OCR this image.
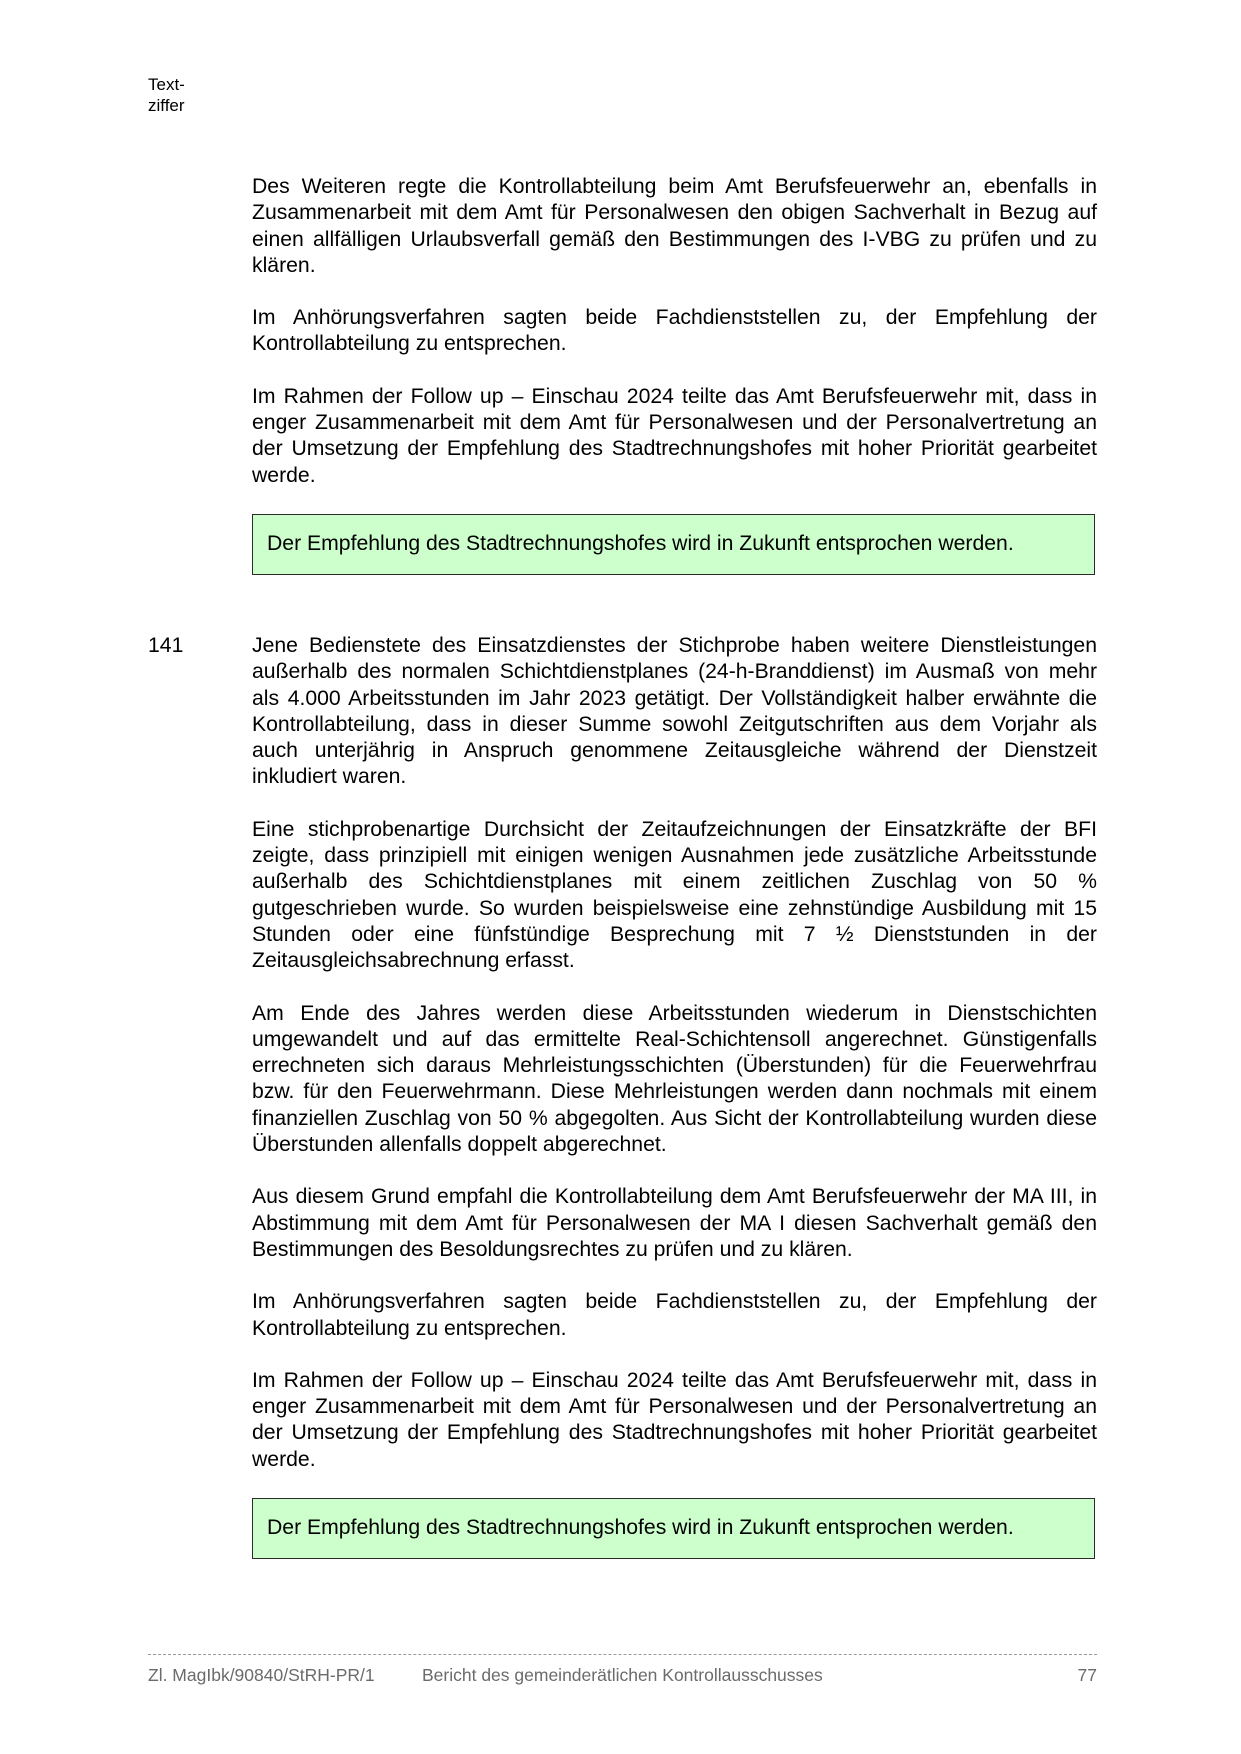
Text-
ziffer

Des Weiteren regte die Kontrollabteilung beim Amt Berufsfeuerwehr an, ebenfalls in Zusammenarbeit mit dem Amt für Personalwesen den obigen Sachverhalt in Bezug auf einen allfälligen Urlaubsverfall gemäß den Bestimmungen des I-VBG zu prüfen und zu klären.

Im Anhörungsverfahren sagten beide Fachdienststellen zu, der Empfehlung der Kontrollabteilung zu entsprechen.

Im Rahmen der Follow up – Einschau 2024 teilte das Amt Berufsfeuerwehr mit, dass in enger Zusammenarbeit mit dem Amt für Personalwesen und der Personalvertretung an der Umsetzung der Empfehlung des Stadtrechnungshofes mit hoher Priorität gearbeitet werde.

Der Empfehlung des Stadtrechnungshofes wird in Zukunft entsprochen werden.
141	Jene Bedienstete des Einsatzdienstes der Stichprobe haben weitere Dienstleistungen außerhalb des normalen Schichtdienstplanes (24-h-Branddienst) im Ausmaß von mehr als 4.000 Arbeitsstunden im Jahr 2023 getätigt. Der Vollständigkeit halber erwähnte die Kontrollabteilung, dass in dieser Summe sowohl Zeitgutschriften aus dem Vorjahr als auch unterjährig in Anspruch genommene Zeitausgleiche während der Dienstzeit inkludiert waren.

Eine stichprobenartige Durchsicht der Zeitaufzeichnungen der Einsatzkräfte der BFI zeigte, dass prinzipiell mit einigen wenigen Ausnahmen jede zusätzliche Arbeitsstunde außerhalb des Schichtdienstplanes mit einem zeitlichen Zuschlag von 50 % gutgeschrieben wurde. So wurden beispielsweise eine zehnstündige Ausbildung mit 15 Stunden oder eine fünfstündige Besprechung mit 7 ½ Dienststunden in der Zeitausgleichsabrechnung erfasst.

Am Ende des Jahres werden diese Arbeitsstunden wiederum in Dienstschichten umgewandelt und auf das ermittelte Real-Schichtensoll angerechnet. Günstigenfalls errechneten sich daraus Mehrleistungsschichten (Überstunden) für die Feuerwehrfrau bzw. für den Feuerwehrmann. Diese Mehrleistungen werden dann nochmals mit einem finanziellen Zuschlag von 50 % abgegolten. Aus Sicht der Kontrollabteilung wurden diese Überstunden allenfalls doppelt abgerechnet.

Aus diesem Grund empfahl die Kontrollabteilung dem Amt Berufsfeuerwehr der MA III, in Abstimmung mit dem Amt für Personalwesen der MA I diesen Sachverhalt gemäß den Bestimmungen des Besoldungsrechtes zu prüfen und zu klären.

Im Anhörungsverfahren sagten beide Fachdienststellen zu, der Empfehlung der Kontrollabteilung zu entsprechen.

Im Rahmen der Follow up – Einschau 2024 teilte das Amt Berufsfeuerwehr mit, dass in enger Zusammenarbeit mit dem Amt für Personalwesen und der Personalvertretung an der Umsetzung der Empfehlung des Stadtrechnungshofes mit hoher Priorität gearbeitet werde.

Der Empfehlung des Stadtrechnungshofes wird in Zukunft entsprochen werden.
Zl. MagIbk/90840/StRH-PR/1	Bericht des gemeinderätlichen Kontrollausschusses	77
